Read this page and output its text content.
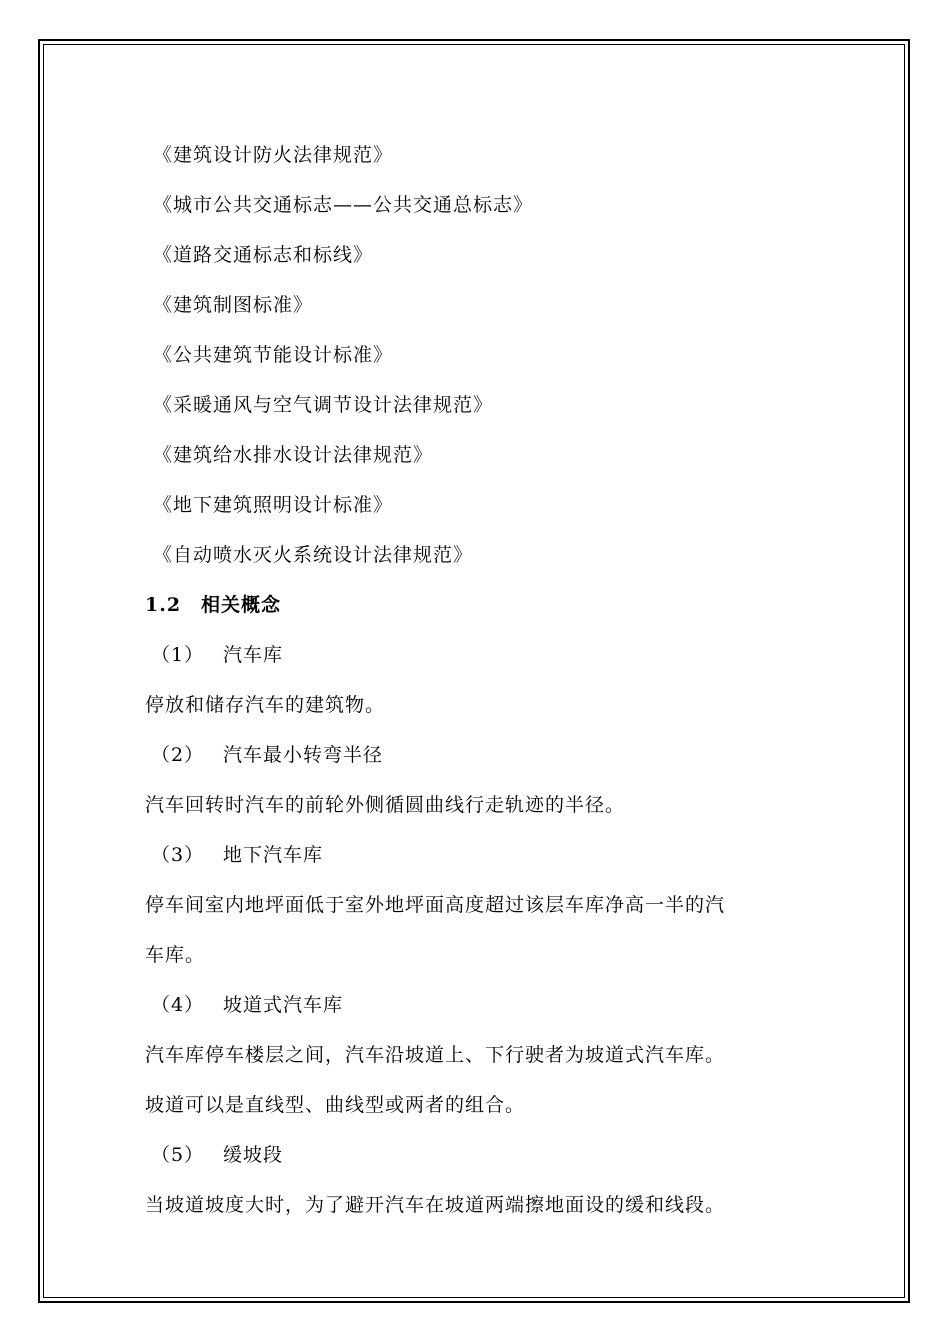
《建筑设计防火法律规范》
《城市公共交通标志——公共交通总标志》
《道路交通标志和标线》
《建筑制图标准》
《公共建筑节能设计标准》
《采暖通风与空气调节设计法律规范》
《建筑给水排水设计法律规范》
《地下建筑照明设计标准》
《自动喷水灭火系统设计法律规范》
1.2 相关概念
（1） 汽车库
停放和储存汽车的建筑物。
（2） 汽车最小转弯半径
汽车回转时汽车的前轮外侧循圆曲线行走轨迹的半径。
（3） 地下汽车库
停车间室内地坪面低于室外地坪面高度超过该层车库净高一半的汽
车库。
（4） 坡道式汽车库
汽车库停车楼层之间，汽车沿坡道上、下行驶者为坡道式汽车库。
坡道可以是直线型、曲线型或两者的组合。
（5） 缓坡段
当坡道坡度大时，为了避开汽车在坡道两端擦地面设的缓和线段。
